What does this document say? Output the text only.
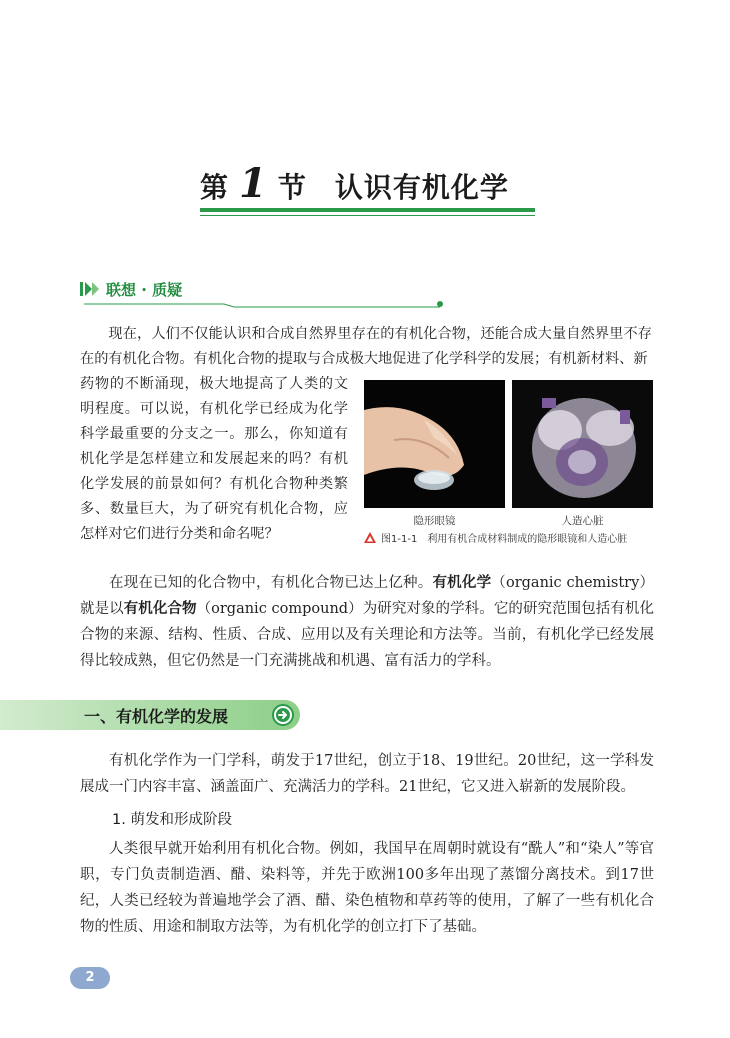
第 1 节 认识有机化学
联想 · 质疑
现在，人们不仅能认识和合成自然界里存在的有机化合物，还能合成大量自然界里不存在的有机化合物。有机化合物的提取与合成极大地促进了化学科学的发展；有机新材料、新
药物的不断涌现，极大地提高了人类的文明程度。可以说，有机化学已经成为化学科学最重要的分支之一。那么，你知道有机化学是怎样建立和发展起来的吗？有机化学发展的前景如何？有机化合物种类繁多、数量巨大，为了研究有机化合物，应怎样对它们进行分类和命名呢？
隐形眼镜	人造心脏
图1-1-1 利用有机合成材料制成的隐形眼镜和人造心脏
在现在已知的化合物中，有机化合物已达上亿种。有机化学（organic chemistry）就是以有机化合物（organic compound）为研究对象的学科。它的研究范围包括有机化合物的来源、结构、性质、合成、应用以及有关理论和方法等。当前，有机化学已经发展得比较成熟，但它仍然是一门充满挑战和机遇、富有活力的学科。
一、有机化学的发展
有机化学作为一门学科，萌发于17世纪，创立于18、19世纪。20世纪，这一学科发展成一门内容丰富、涵盖面广、充满活力的学科。21世纪，它又进入崭新的发展阶段。
1. 萌发和形成阶段
人类很早就开始利用有机化合物。例如，我国早在周朝时就设有“酰人”和“染人”等官职，专门负责制造酒、醋、染料等，并先于欧洲100多年出现了蒸馏分离技术。到17世纪，人类已经较为普遍地学会了酒、醋、染色植物和草药等的使用，了解了一些有机化合物的性质、用途和制取方法等，为有机化学的创立打下了基础。
2
